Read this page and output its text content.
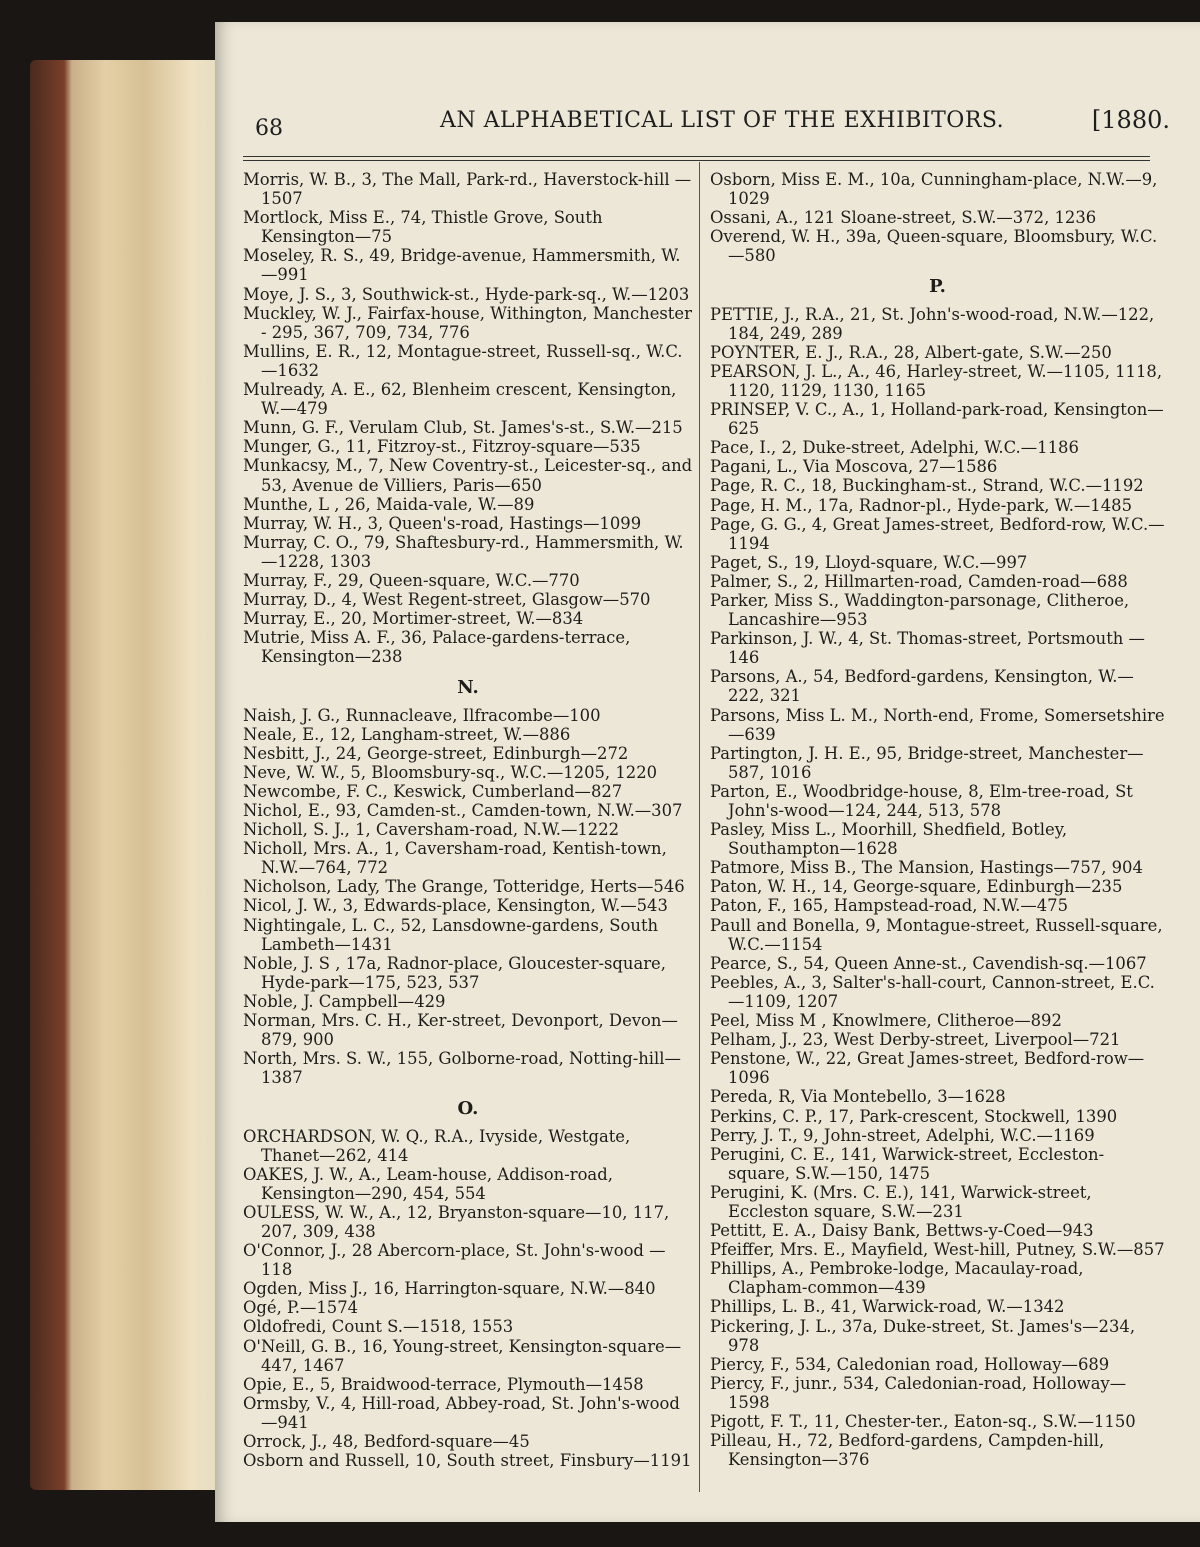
68	AN ALPHABETICAL LIST OF THE EXHIBITORS.	[1880.

Morris, W. B., 3, The Mall, Park-rd., Haverstock-hill —1507

Mortlock, Miss E., 74, Thistle Grove, South Kensington—75

Moseley, R. S., 49, Bridge-avenue, Hammersmith, W. —991

Moye, J. S., 3, Southwick-st., Hyde-park-sq., W.—1203

Muckley, W. J., Fairfax-house, Withington, Manchester - 295, 367, 709, 734, 776

Mullins, E. R., 12, Montague-street, Russell-sq., W.C. —1632

Mulready, A. E., 62, Blenheim crescent, Kensington, W.—479

Munn, G. F., Verulam Club, St. James's-st., S.W.—215

Munger, G., 11, Fitzroy-st., Fitzroy-square—535

Munkacsy, M., 7, New Coventry-st., Leicester-sq., and 53, Avenue de Villiers, Paris—650

Munthe, L , 26, Maida-vale, W.—89

Murray, W. H., 3, Queen's-road, Hastings—1099

Murray, C. O., 79, Shaftesbury-rd., Hammersmith, W. —1228, 1303

Murray, F., 29, Queen-square, W.C.—770

Murray, D., 4, West Regent-street, Glasgow—570

Murray, E., 20, Mortimer-street, W.—834

Mutrie, Miss A. F., 36, Palace-gardens-terrace, Kensington—238

N.

Naish, J. G., Runnacleave, Ilfracombe—100

Neale, E., 12, Langham-street, W.—886

Nesbitt, J., 24, George-street, Edinburgh—272

Neve, W. W., 5, Bloomsbury-sq., W.C.—1205, 1220

Newcombe, F. C., Keswick, Cumberland—827

Nichol, E., 93, Camden-st., Camden-town, N.W.—307

Nicholl, S. J., 1, Caversham-road, N.W.—1222

Nicholl, Mrs. A., 1, Caversham-road, Kentish-town, N.W.—764, 772

Nicholson, Lady, The Grange, Totteridge, Herts—546

Nicol, J. W., 3, Edwards-place, Kensington, W.—543

Nightingale, L. C., 52, Lansdowne-gardens, South Lambeth—1431

Noble, J. S , 17a, Radnor-place, Gloucester-square, Hyde-park—175, 523, 537

Noble, J. Campbell—429

Norman, Mrs. C. H., Ker-street, Devonport, Devon—879, 900

North, Mrs. S. W., 155, Golborne-road, Notting-hill—1387

O.

ORCHARDSON, W. Q., R.A., Ivyside, Westgate, Thanet—262, 414

OAKES, J. W., A., Leam-house, Addison-road, Kensington—290, 454, 554

OULESS, W. W., A., 12, Bryanston-square—10, 117, 207, 309, 438

O'Connor, J., 28 Abercorn-place, St. John's-wood —118

Ogden, Miss J., 16, Harrington-square, N.W.—840

Ogé, P.—1574

Oldofredi, Count S.—1518, 1553

O'Neill, G. B., 16, Young-street, Kensington-square—447, 1467

Opie, E., 5, Braidwood-terrace, Plymouth—1458

Ormsby, V., 4, Hill-road, Abbey-road, St. John's-wood —941

Orrock, J., 48, Bedford-square—45

Osborn and Russell, 10, South street, Finsbury—1191

Osborn, Miss E. M., 10a, Cunningham-place, N.W.—9, 1029

Ossani, A., 121 Sloane-street, S.W.—372, 1236

Overend, W. H., 39a, Queen-square, Bloomsbury, W.C.—580

P.

PETTIE, J., R.A., 21, St. John's-wood-road, N.W.—122, 184, 249, 289

POYNTER, E. J., R.A., 28, Albert-gate, S.W.—250

PEARSON, J. L., A., 46, Harley-street, W.—1105, 1118, 1120, 1129, 1130, 1165

PRINSEP, V. C., A., 1, Holland-park-road, Kensington—625

Pace, I., 2, Duke-street, Adelphi, W.C.—1186

Pagani, L., Via Moscova, 27—1586

Page, R. C., 18, Buckingham-st., Strand, W.C.—1192

Page, H. M., 17a, Radnor-pl., Hyde-park, W.—1485

Page, G. G., 4, Great James-street, Bedford-row, W.C.—1194

Paget, S., 19, Lloyd-square, W.C.—997

Palmer, S., 2, Hillmarten-road, Camden-road—688

Parker, Miss S., Waddington-parsonage, Clitheroe, Lancashire—953

Parkinson, J. W., 4, St. Thomas-street, Portsmouth —146

Parsons, A., 54, Bedford-gardens, Kensington, W.—222, 321

Parsons, Miss L. M., North-end, Frome, Somersetshire —639

Partington, J. H. E., 95, Bridge-street, Manchester—587, 1016

Parton, E., Woodbridge-house, 8, Elm-tree-road, St John's-wood—124, 244, 513, 578

Pasley, Miss L., Moorhill, Shedfield, Botley, Southampton—1628

Patmore, Miss B., The Mansion, Hastings—757, 904

Paton, W. H., 14, George-square, Edinburgh—235

Paton, F., 165, Hampstead-road, N.W.—475

Paull and Bonella, 9, Montague-street, Russell-square, W.C.—1154

Pearce, S., 54, Queen Anne-st., Cavendish-sq.—1067

Peebles, A., 3, Salter's-hall-court, Cannon-street, E.C. —1109, 1207

Peel, Miss M , Knowlmere, Clitheroe—892

Pelham, J., 23, West Derby-street, Liverpool—721

Penstone, W., 22, Great James-street, Bedford-row—1096

Pereda, R, Via Montebello, 3—1628

Perkins, C. P., 17, Park-crescent, Stockwell, 1390

Perry, J. T., 9, John-street, Adelphi, W.C.—1169

Perugini, C. E., 141, Warwick-street, Eccleston-square, S.W.—150, 1475

Perugini, K. (Mrs. C. E.), 141, Warwick-street, Eccleston square, S.W.—231

Pettitt, E. A., Daisy Bank, Bettws-y-Coed—943

Pfeiffer, Mrs. E., Mayfield, West-hill, Putney, S.W.—857

Phillips, A., Pembroke-lodge, Macaulay-road, Clapham-common—439

Phillips, L. B., 41, Warwick-road, W.—1342

Pickering, J. L., 37a, Duke-street, St. James's—234, 978

Piercy, F., 534, Caledonian road, Holloway—689

Piercy, F., junr., 534, Caledonian-road, Holloway—1598

Pigott, F. T., 11, Chester-ter., Eaton-sq., S.W.—1150

Pilleau, H., 72, Bedford-gardens, Campden-hill, Kensington—376
